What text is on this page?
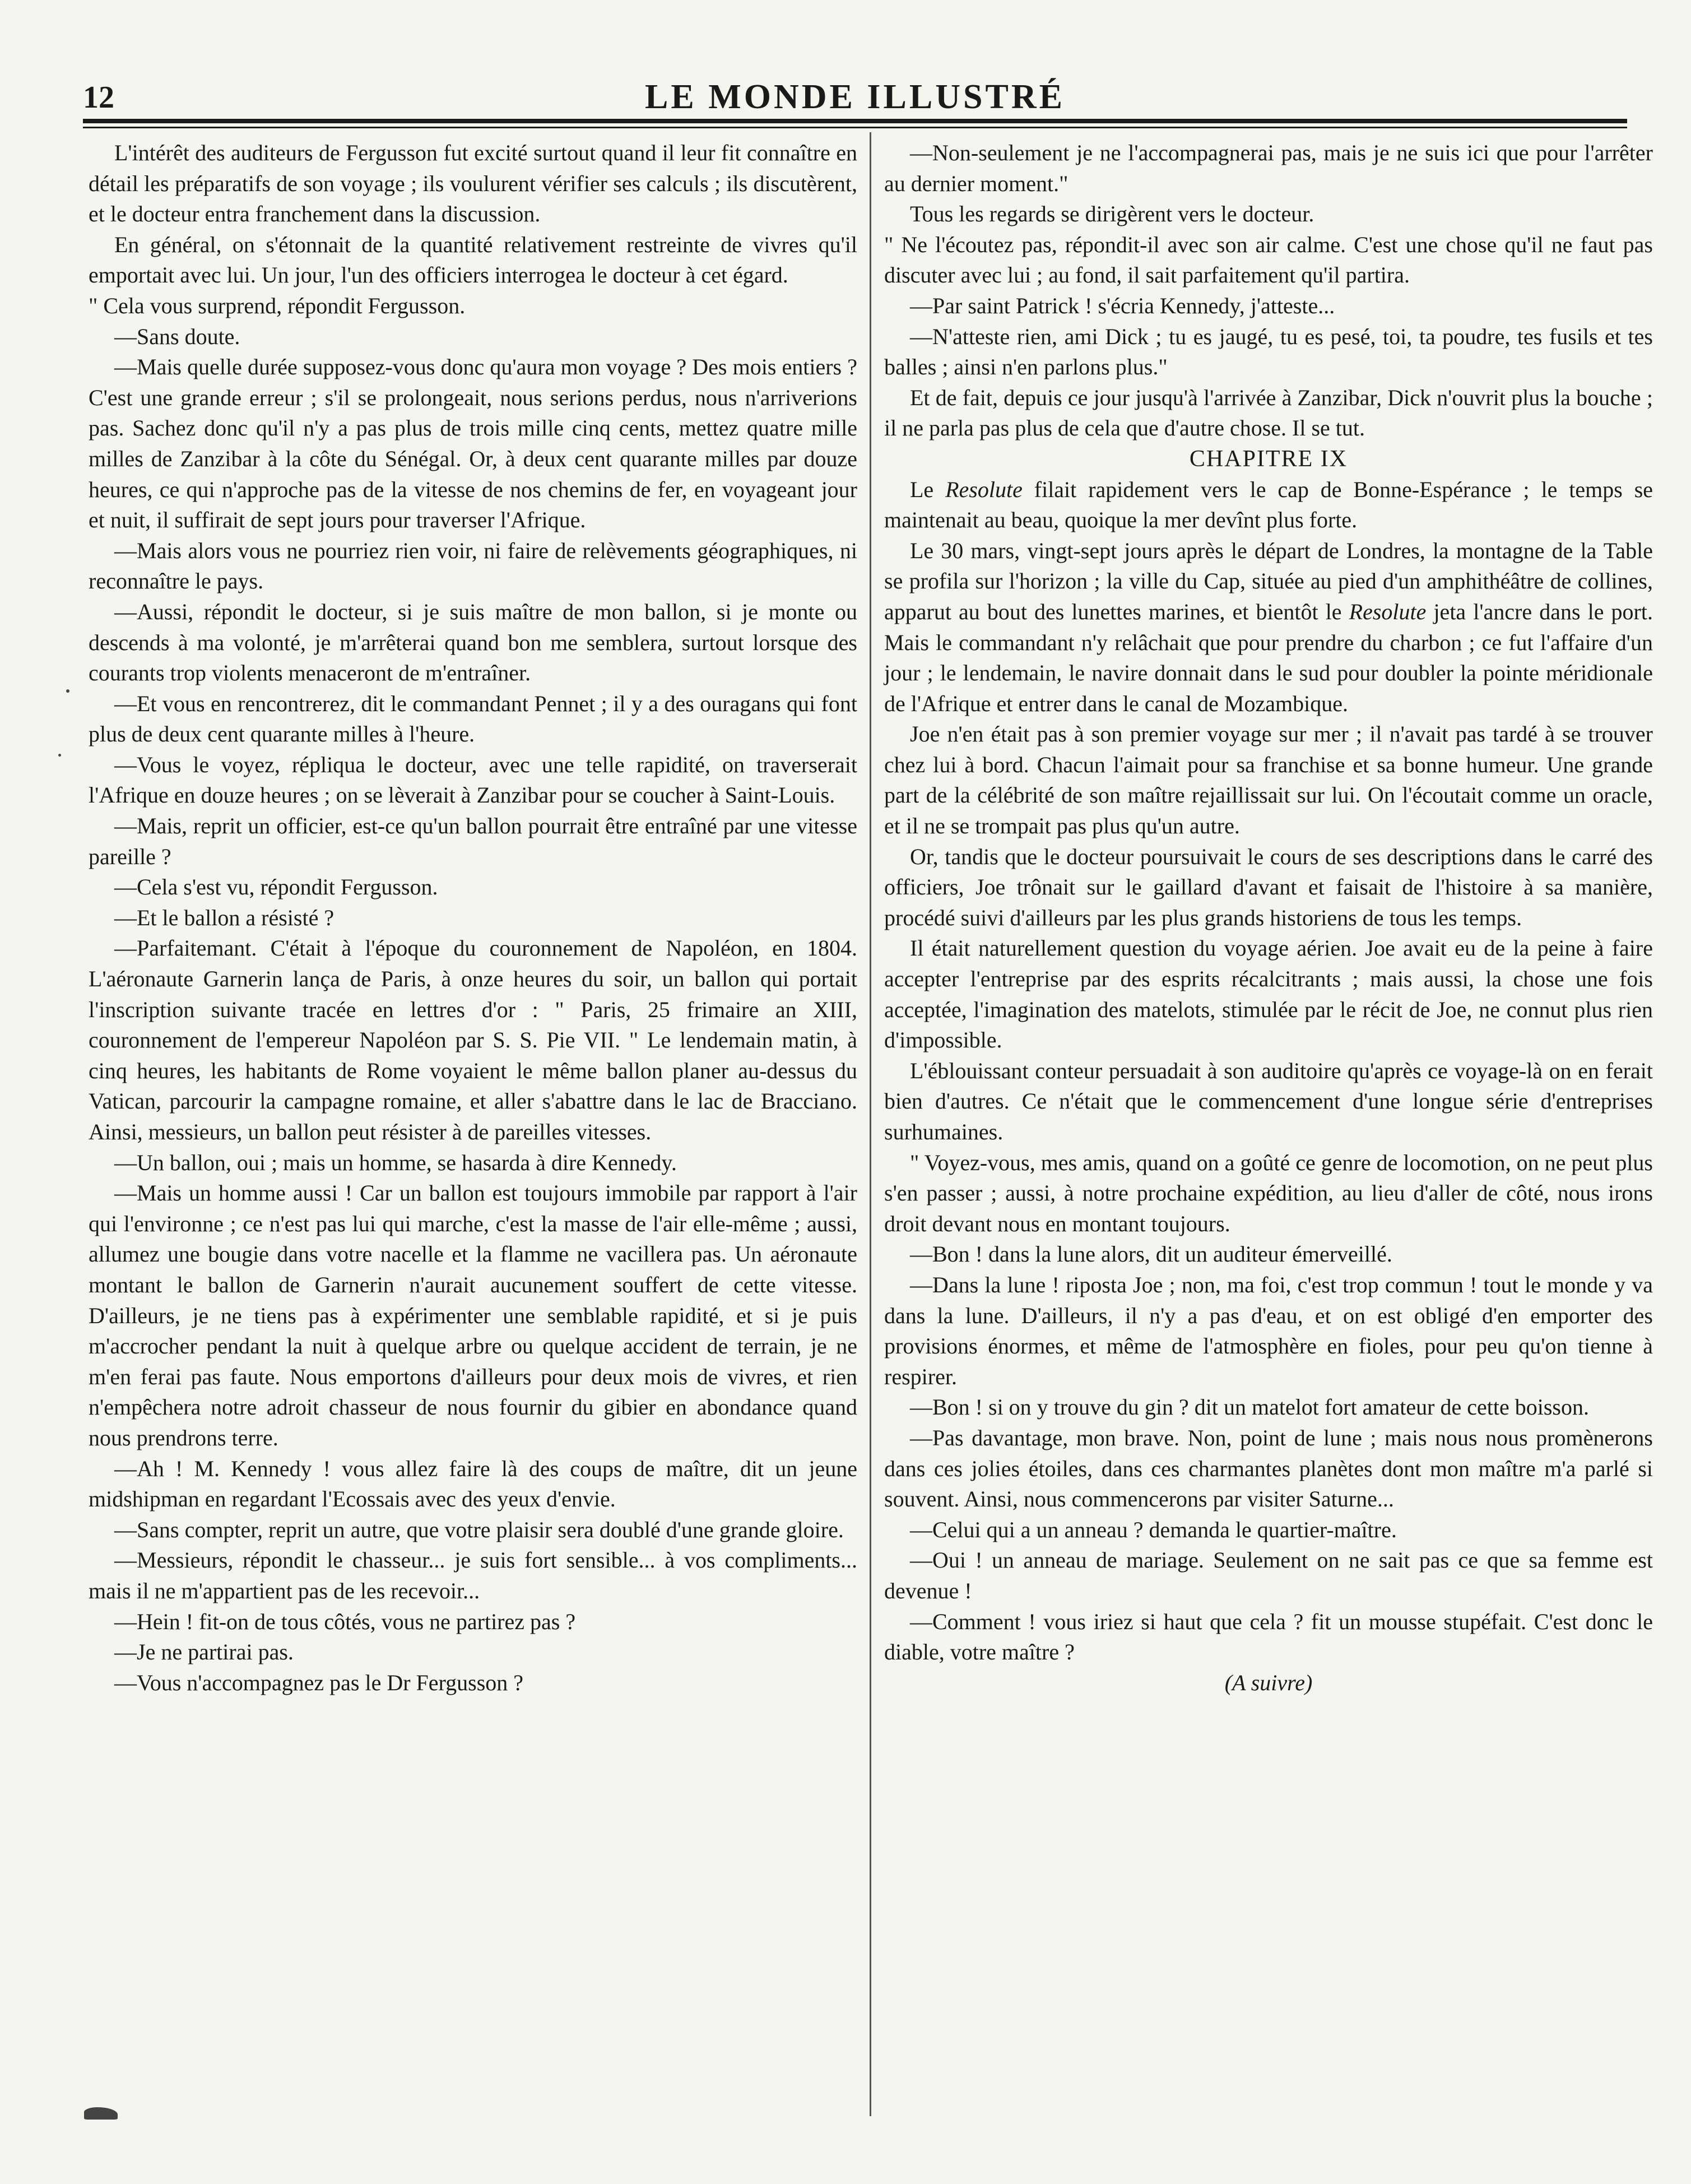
12	LE MONDE ILLUSTRÉ

L'intérêt des auditeurs de Fergusson fut excité surtout quand il leur fit connaître en détail les préparatifs de son voyage ; ils voulurent vérifier ses calculs ; ils discutèrent, et le docteur entra franchement dans la discussion.

En général, on s'étonnait de la quantité relativement restreinte de vivres qu'il emportait avec lui. Un jour, l'un des officiers interrogea le docteur à cet égard.

" Cela vous surprend, répondit Fergusson.

—Sans doute.

—Mais quelle durée supposez-vous donc qu'aura mon voyage ? Des mois entiers ? C'est une grande erreur ; s'il se prolongeait, nous serions perdus, nous n'arriverions pas. Sachez donc qu'il n'y a pas plus de trois mille cinq cents, mettez quatre mille milles de Zanzibar à la côte du Sénégal. Or, à deux cent quarante milles par douze heures, ce qui n'approche pas de la vitesse de nos chemins de fer, en voyageant jour et nuit, il suffirait de sept jours pour traverser l'Afrique.

—Mais alors vous ne pourriez rien voir, ni faire de relèvements géographiques, ni reconnaître le pays.

—Aussi, répondit le docteur, si je suis maître de mon ballon, si je monte ou descends à ma volonté, je m'arrêterai quand bon me semblera, surtout lorsque des courants trop violents menaceront de m'entraîner.

—Et vous en rencontrerez, dit le commandant Pennet ; il y a des ouragans qui font plus de deux cent quarante milles à l'heure.

—Vous le voyez, répliqua le docteur, avec une telle rapidité, on traverserait l'Afrique en douze heures ; on se lèverait à Zanzibar pour se coucher à Saint-Louis.

—Mais, reprit un officier, est-ce qu'un ballon pourrait être entraîné par une vitesse pareille ?

—Cela s'est vu, répondit Fergusson.

—Et le ballon a résisté ?

—Parfaitemant. C'était à l'époque du couronnement de Napoléon, en 1804. L'aéronaute Garnerin lança de Paris, à onze heures du soir, un ballon qui portait l'inscription suivante tracée en lettres d'or : " Paris, 25 frimaire an XIII, couronnement de l'empereur Napoléon par S. S. Pie VII. " Le lendemain matin, à cinq heures, les habitants de Rome voyaient le même ballon planer au-dessus du Vatican, parcourir la campagne romaine, et aller s'abattre dans le lac de Bracciano. Ainsi, messieurs, un ballon peut résister à de pareilles vitesses.

—Un ballon, oui ; mais un homme, se hasarda à dire Kennedy.

—Mais un homme aussi ! Car un ballon est toujours immobile par rapport à l'air qui l'environne ; ce n'est pas lui qui marche, c'est la masse de l'air elle-même ; aussi, allumez une bougie dans votre nacelle et la flamme ne vacillera pas. Un aéronaute montant le ballon de Garnerin n'aurait aucunement souffert de cette vitesse. D'ailleurs, je ne tiens pas à expérimenter une semblable rapidité, et si je puis m'accrocher pendant la nuit à quelque arbre ou quelque accident de terrain, je ne m'en ferai pas faute. Nous emportons d'ailleurs pour deux mois de vivres, et rien n'empêchera notre adroit chasseur de nous fournir du gibier en abondance quand nous prendrons terre.

—Ah ! M. Kennedy ! vous allez faire là des coups de maître, dit un jeune midshipman en regardant l'Ecossais avec des yeux d'envie.

—Sans compter, reprit un autre, que votre plaisir sera doublé d'une grande gloire.

—Messieurs, répondit le chasseur... je suis fort sensible... à vos compliments... mais il ne m'appartient pas de les recevoir...

—Hein ! fit-on de tous côtés, vous ne partirez pas ?

—Je ne partirai pas.

—Vous n'accompagnez pas le Dr Fergusson ?

—Non-seulement je ne l'accompagnerai pas, mais je ne suis ici que pour l'arrêter au dernier moment."

Tous les regards se dirigèrent vers le docteur.

" Ne l'écoutez pas, répondit-il avec son air calme. C'est une chose qu'il ne faut pas discuter avec lui ; au fond, il sait parfaitement qu'il partira.

—Par saint Patrick ! s'écria Kennedy, j'atteste...

—N'atteste rien, ami Dick ; tu es jaugé, tu es pesé, toi, ta poudre, tes fusils et tes balles ; ainsi n'en parlons plus."

Et de fait, depuis ce jour jusqu'à l'arrivée à Zanzibar, Dick n'ouvrit plus la bouche ; il ne parla pas plus de cela que d'autre chose. Il se tut.

CHAPITRE IX

Le Resolute filait rapidement vers le cap de Bonne-Espérance ; le temps se maintenait au beau, quoique la mer devînt plus forte.

Le 30 mars, vingt-sept jours après le départ de Londres, la montagne de la Table se profila sur l'horizon ; la ville du Cap, située au pied d'un amphithéâtre de collines, apparut au bout des lunettes marines, et bientôt le Resolute jeta l'ancre dans le port. Mais le commandant n'y relâchait que pour prendre du charbon ; ce fut l'affaire d'un jour ; le lendemain, le navire donnait dans le sud pour doubler la pointe méridionale de l'Afrique et entrer dans le canal de Mozambique.

Joe n'en était pas à son premier voyage sur mer ; il n'avait pas tardé à se trouver chez lui à bord. Chacun l'aimait pour sa franchise et sa bonne humeur. Une grande part de la célébrité de son maître rejaillissait sur lui. On l'écoutait comme un oracle, et il ne se trompait pas plus qu'un autre.

Or, tandis que le docteur poursuivait le cours de ses descriptions dans le carré des officiers, Joe trônait sur le gaillard d'avant et faisait de l'histoire à sa manière, procédé suivi d'ailleurs par les plus grands historiens de tous les temps.

Il était naturellement question du voyage aérien. Joe avait eu de la peine à faire accepter l'entreprise par des esprits récalcitrants ; mais aussi, la chose une fois acceptée, l'imagination des matelots, stimulée par le récit de Joe, ne connut plus rien d'impossible.

L'éblouissant conteur persuadait à son auditoire qu'après ce voyage-là on en ferait bien d'autres. Ce n'était que le commencement d'une longue série d'entreprises surhumaines.

" Voyez-vous, mes amis, quand on a goûté ce genre de locomotion, on ne peut plus s'en passer ; aussi, à notre prochaine expédition, au lieu d'aller de côté, nous irons droit devant nous en montant toujours.

—Bon ! dans la lune alors, dit un auditeur émerveillé.

—Dans la lune ! riposta Joe ; non, ma foi, c'est trop commun ! tout le monde y va dans la lune. D'ailleurs, il n'y a pas d'eau, et on est obligé d'en emporter des provisions énormes, et même de l'atmosphère en fioles, pour peu qu'on tienne à respirer.

—Bon ! si on y trouve du gin ? dit un matelot fort amateur de cette boisson.

—Pas davantage, mon brave. Non, point de lune ; mais nous nous promènerons dans ces jolies étoiles, dans ces charmantes planètes dont mon maître m'a parlé si souvent. Ainsi, nous commencerons par visiter Saturne...

—Celui qui a un anneau ? demanda le quartier-maître.

—Oui ! un anneau de mariage. Seulement on ne sait pas ce que sa femme est devenue !

—Comment ! vous iriez si haut que cela ? fit un mousse stupéfait. C'est donc le diable, votre maître ?

(A suivre)
